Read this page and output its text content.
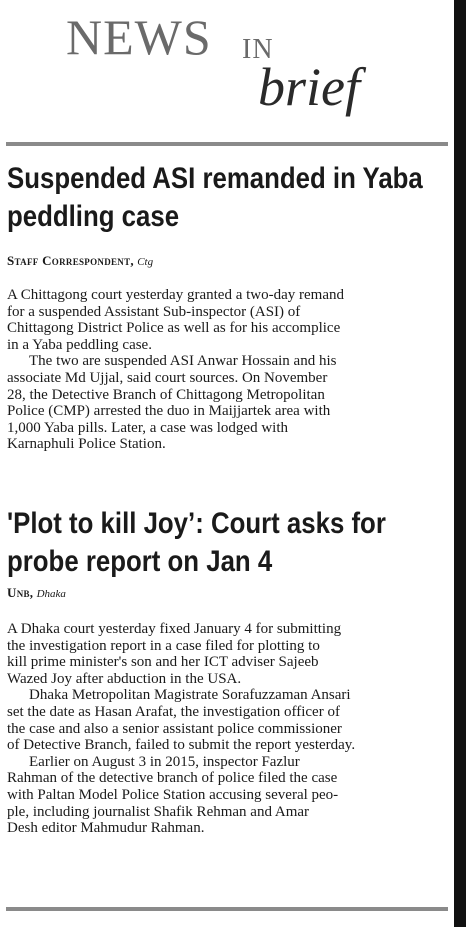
NEWS IN
brief
Suspended ASI remanded in Yaba
peddling case
Staff Correspondent, Ctg
A Chittagong court yesterday granted a two-day remand
for a suspended Assistant Sub-inspector (ASI) of
Chittagong District Police as well as for his accomplice
in a Yaba peddling case.
The two are suspended ASI Anwar Hossain and his
associate Md Ujjal, said court sources. On November
28, the Detective Branch of Chittagong Metropolitan
Police (CMP) arrested the duo in Maijjartek area with
1,000 Yaba pills. Later, a case was lodged with
Karnaphuli Police Station.
'Plot to kill Joy’: Court asks for
probe report on Jan 4
Unb, Dhaka
A Dhaka court yesterday fixed January 4 for submitting
the investigation report in a case filed for plotting to
kill prime minister's son and her ICT adviser Sajeeb
Wazed Joy after abduction in the USA.
Dhaka Metropolitan Magistrate Sorafuzzaman Ansari
set the date as Hasan Arafat, the investigation officer of
the case and also a senior assistant police commissioner
of Detective Branch, failed to submit the report yesterday.
Earlier on August 3 in 2015, inspector Fazlur
Rahman of the detective branch of police filed the case
with Paltan Model Police Station accusing several peo-
ple, including journalist Shafik Rehman and Amar
Desh editor Mahmudur Rahman.
